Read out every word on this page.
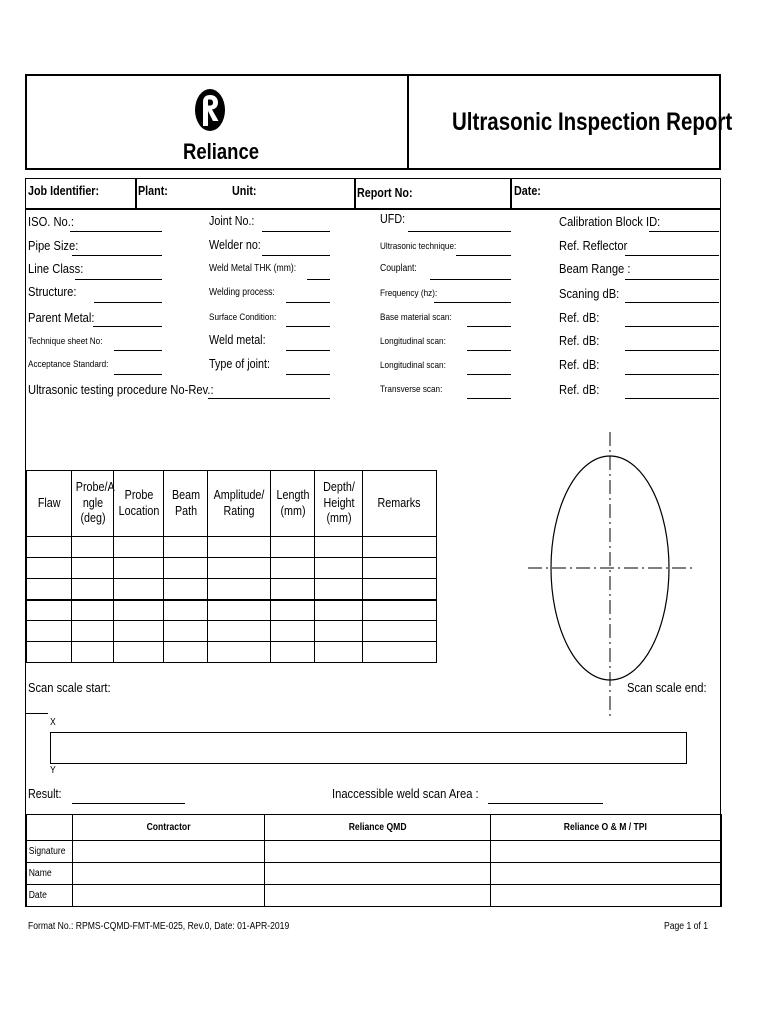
Reliance
Ultrasonic Inspection Report
Job Identifier:	Plant:	Unit:	Report No:	Date:
ISO. No.:
Pipe Size:
Line Class:
Structure:
Parent Metal:
Technique sheet No:
Acceptance Standard:
Ultrasonic testing procedure No-Rev.:
Joint No.:
Welder no:
Weld Metal THK (mm):
Welding process:
Surface Condition:
Weld metal:
Type of joint:
UFD:
Ultrasonic technique:
Couplant:
Frequency (hz):
Base material scan:
Longitudinal scan:
Longitudinal scan:
Transverse scan:
Calibration Block ID:
Ref. Reflector
Beam Range :
Scaning dB:
Ref. dB:
Ref. dB:
Ref. dB:
Ref. dB:
Flaw	Probe/A ngle (deg)	Probe Location	Beam Path	Amplitude/ Rating	Length (mm)	Depth/ Height (mm)	Remarks

Scan scale start:	Scan scale end:
X
Y
Result:	Inaccessible weld scan Area :
	Contractor	Reliance QMD	Reliance O & M / TPI
Signature			
Name			
Date			
Format No.: RPMS-CQMD-FMT-ME-025, Rev.0, Date: 01-APR-2019	Page 1 of 1
